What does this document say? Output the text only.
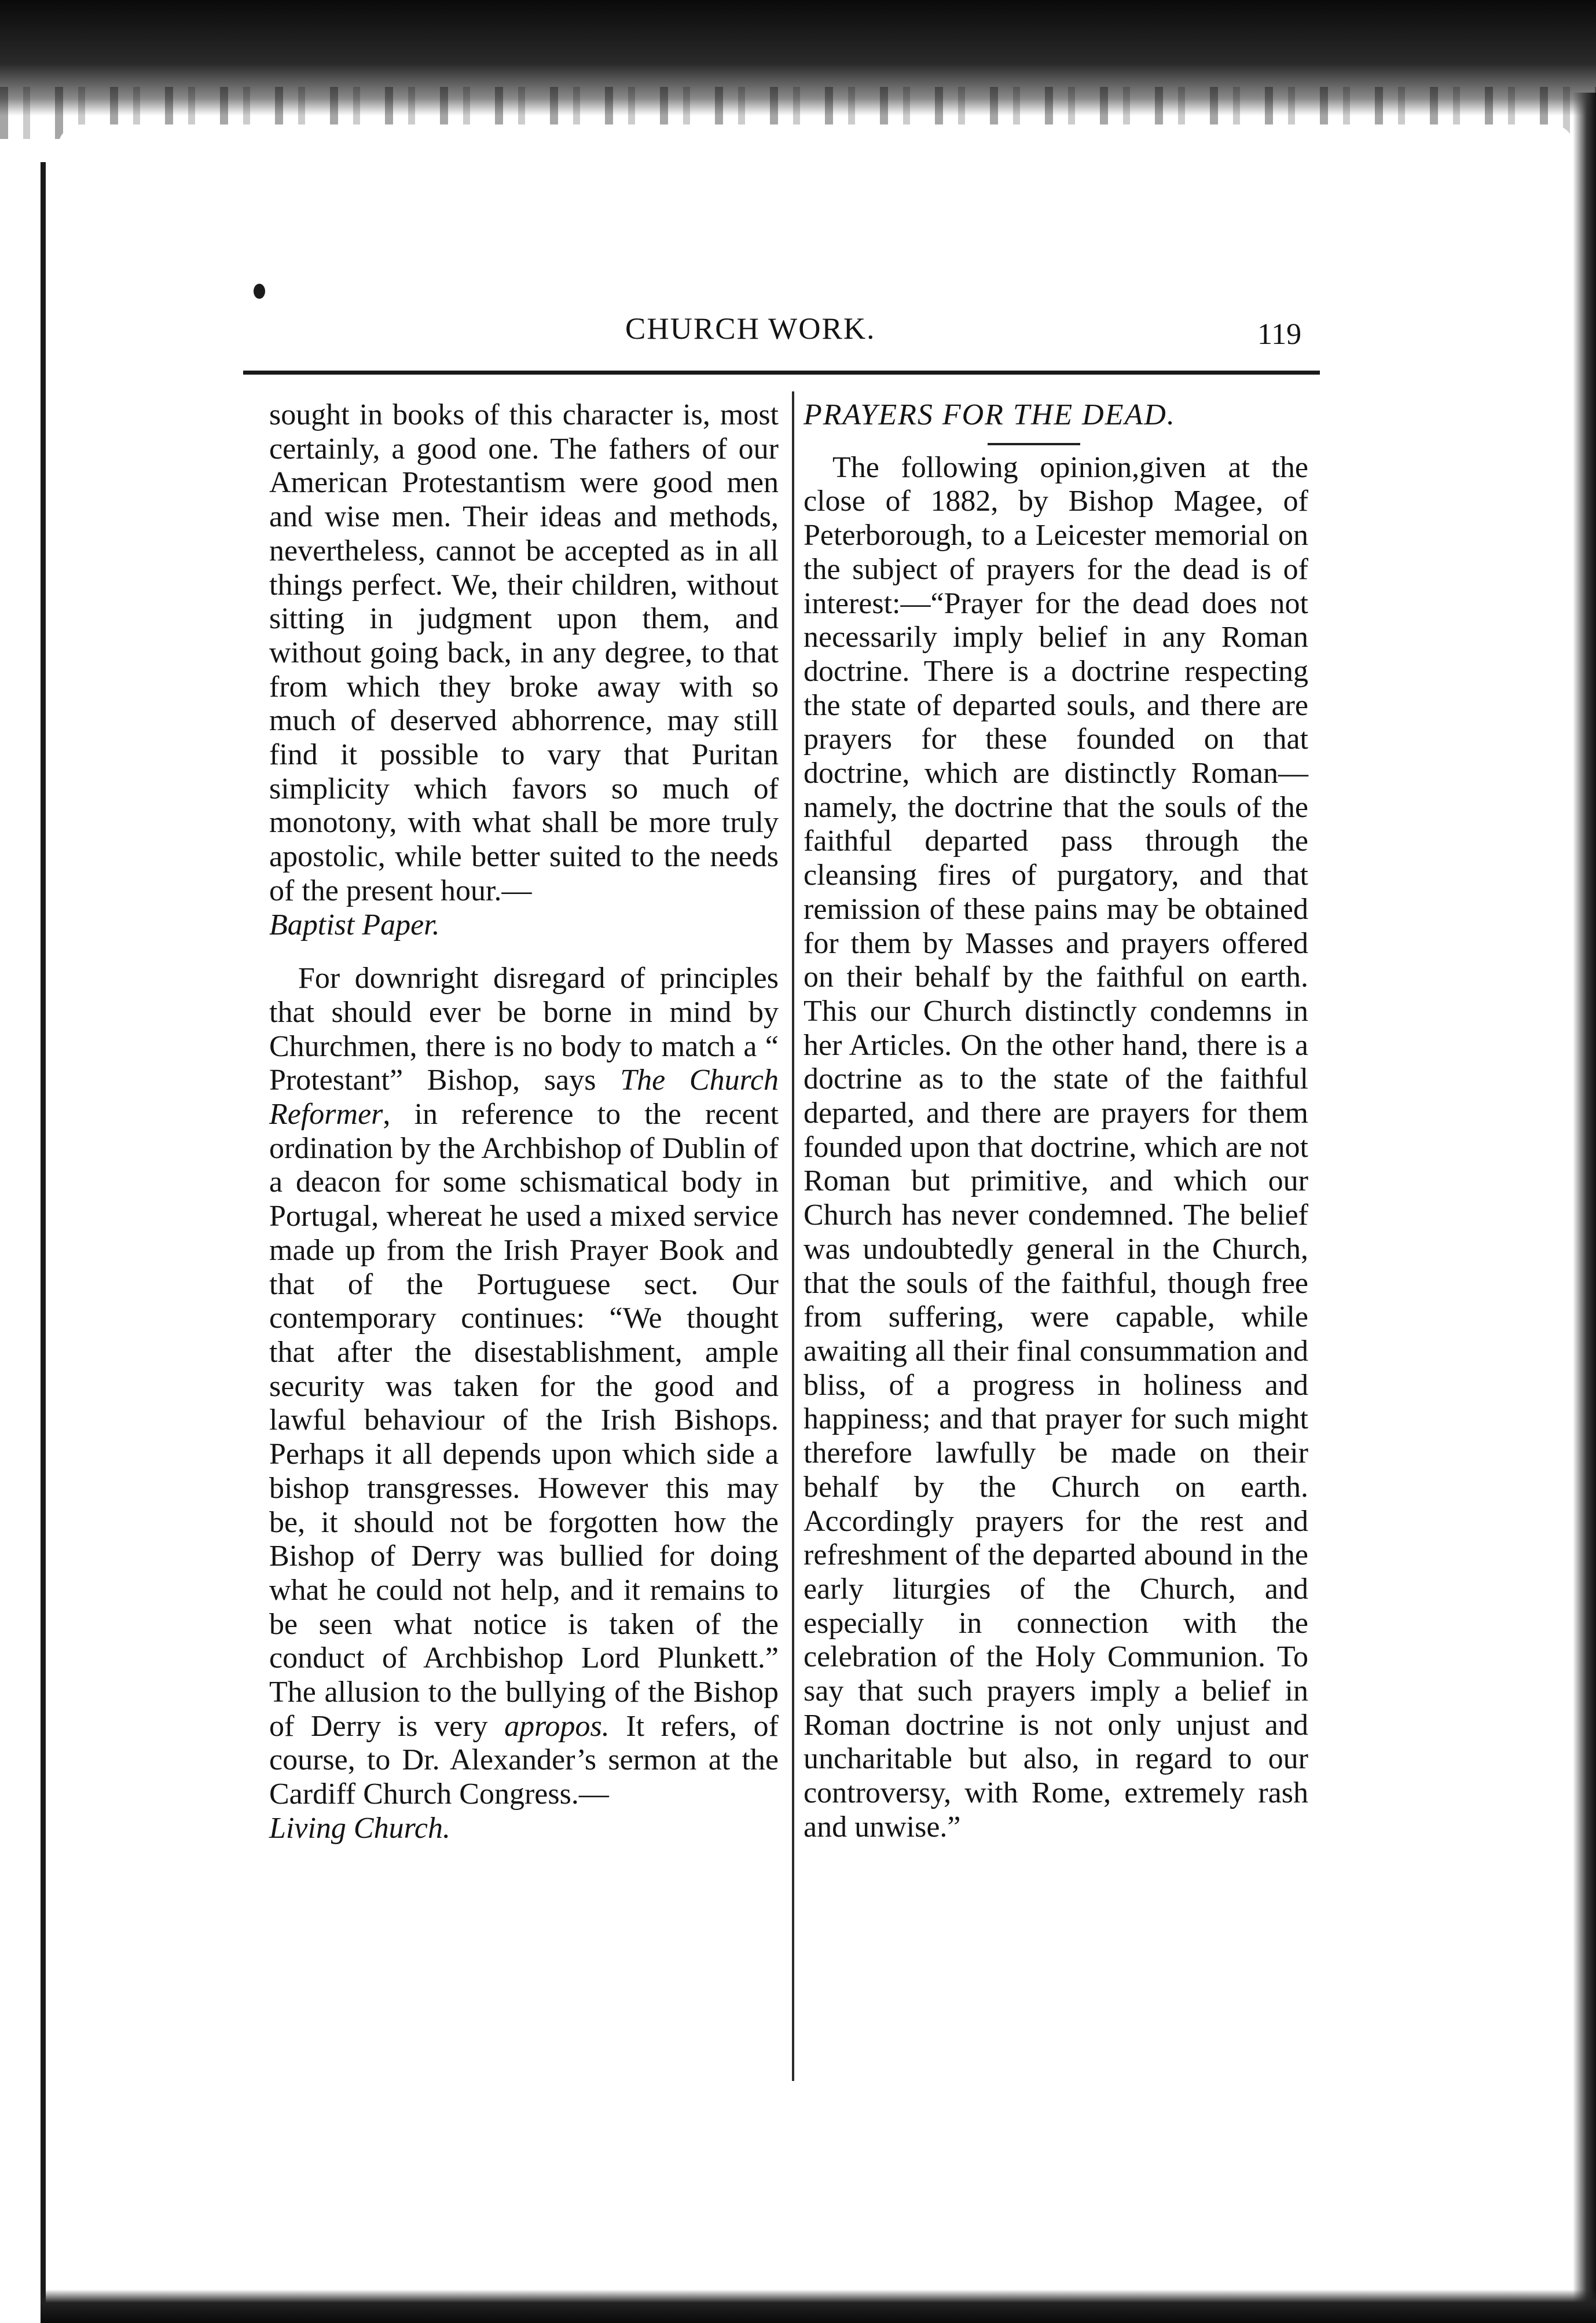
CHURCH WORK.	119

sought in books of this character is, most certainly, a good one. The fathers of our American Protestantism were good men and wise men. Their ideas and methods, nevertheless, cannot be accepted as in all things perfect. We, their children, without sitting in judgment upon them, and without going back, in any degree, to that from which they broke away with so much of deserved abhorrence, may still find it possible to vary that Puritan simplicity which favors so much of monotony, with what shall be more truly apostolic, while better suited to the needs of the present hour.—
Baptist Paper.

For downright disregard of principles that should ever be borne in mind by Churchmen, there is no body to match a “ Protestant” Bishop, says The Church Reformer, in reference to the recent ordination by the Archbishop of Dublin of a deacon for some schismatical body in Portugal, whereat he used a mixed service made up from the Irish Prayer Book and that of the Portuguese sect. Our contemporary continues: “We thought that after the disestablishment, ample security was taken for the good and lawful behaviour of the Irish Bishops. Perhaps it all depends upon which side a bishop transgresses. However this may be, it should not be forgotten how the Bishop of Derry was bullied for doing what he could not help, and it remains to be seen what notice is taken of the conduct of Archbishop Lord Plunkett.” The allusion to the bullying of the Bishop of Derry is very apropos. It refers, of course, to Dr. Alexander’s sermon at the Cardiff Church Congress.—
Living Church.

PRAYERS FOR THE DEAD.

The following opinion,given at the close of 1882, by Bishop Magee, of Peterborough, to a Leicester memorial on the subject of prayers for the dead is of interest:—“Prayer for the dead does not necessarily imply belief in any Roman doctrine. There is a doctrine respecting the state of departed souls, and there are prayers for these founded on that doctrine, which are distinctly Roman—namely, the doctrine that the souls of the faithful departed pass through the cleansing fires of purgatory, and that remission of these pains may be obtained for them by Masses and prayers offered on their behalf by the faithful on earth. This our Church distinctly condemns in her Articles. On the other hand, there is a doctrine as to the state of the faithful departed, and there are prayers for them founded upon that doctrine, which are not Roman but primitive, and which our Church has never condemned. The belief was undoubtedly general in the Church, that the souls of the faithful, though free from suffering, were capable, while awaiting all their final consummation and bliss, of a progress in holiness and happiness; and that prayer for such might therefore lawfully be made on their behalf by the Church on earth. Accordingly prayers for the rest and refreshment of the departed abound in the early liturgies of the Church, and especially in connection with the celebration of the Holy Communion. To say that such prayers imply a belief in Roman doctrine is not only unjust and uncharitable but also, in regard to our controversy, with Rome, extremely rash and unwise.”
